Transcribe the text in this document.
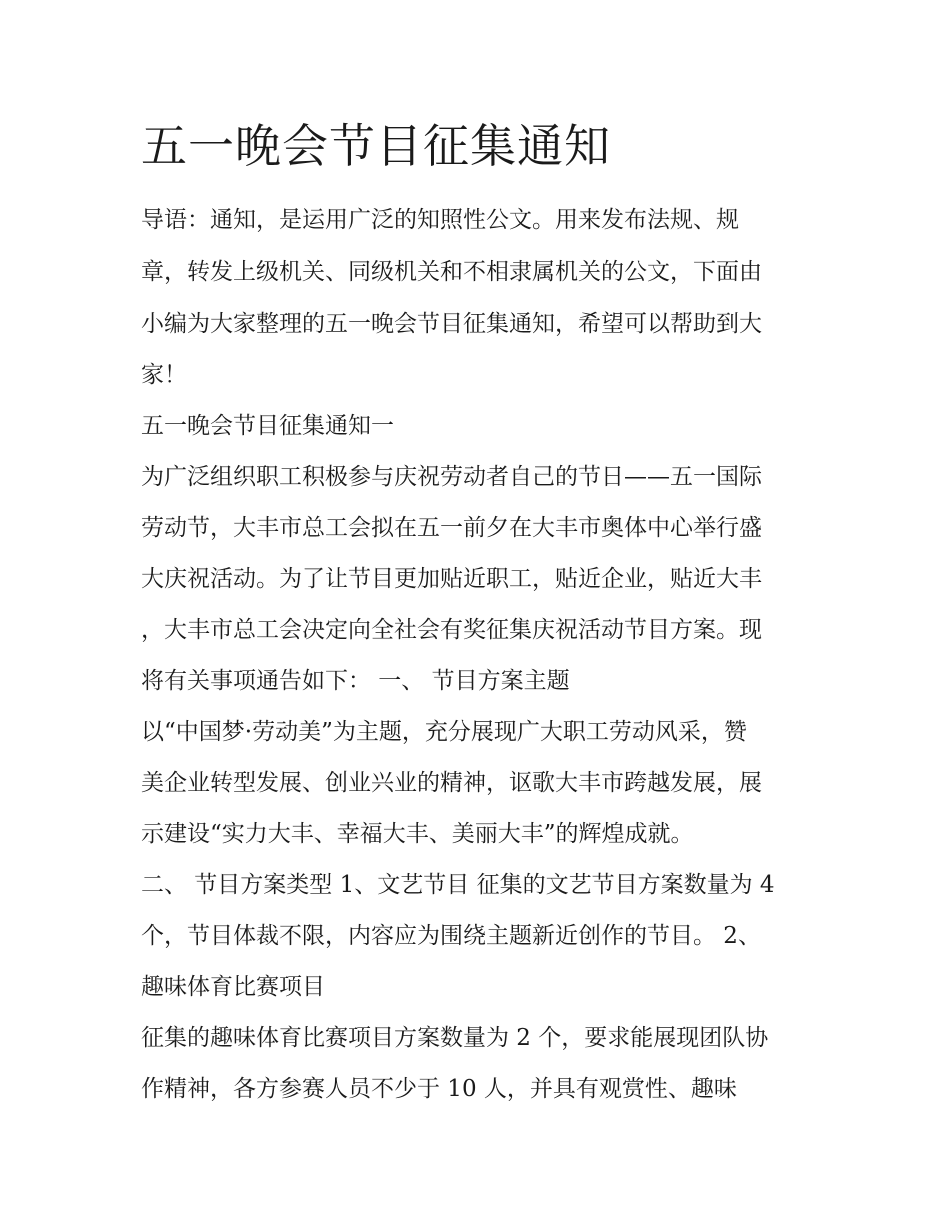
五一晚会节目征集通知

导语：通知，是运用广泛的知照性公文。用来发布法规、规

章，转发上级机关、同级机关和不相隶属机关的公文，下面由

小编为大家整理的五一晚会节目征集通知，希望可以帮助到大

家！

五一晚会节目征集通知一

为广泛组织职工积极参与庆祝劳动者自己的节日——五一国际

劳动节，大丰市总工会拟在五一前夕在大丰市奥体中心举行盛

大庆祝活动。为了让节目更加贴近职工，贴近企业，贴近大丰

，大丰市总工会决定向全社会有奖征集庆祝活动节目方案。现

将有关事项通告如下： 一、 节目方案主题

以“中国梦·劳动美”为主题，充分展现广大职工劳动风采，赞

美企业转型发展、创业兴业的精神，讴歌大丰市跨越发展，展

示建设“实力大丰、幸福大丰、美丽大丰”的辉煌成就。

二、 节目方案类型 1、文艺节目 征集的文艺节目方案数量为 4

个，节目体裁不限，内容应为围绕主题新近创作的节目。 2、

趣味体育比赛项目

征集的趣味体育比赛项目方案数量为 2 个，要求能展现团队协

作精神，各方参赛人员不少于 10 人，并具有观赏性、趣味
